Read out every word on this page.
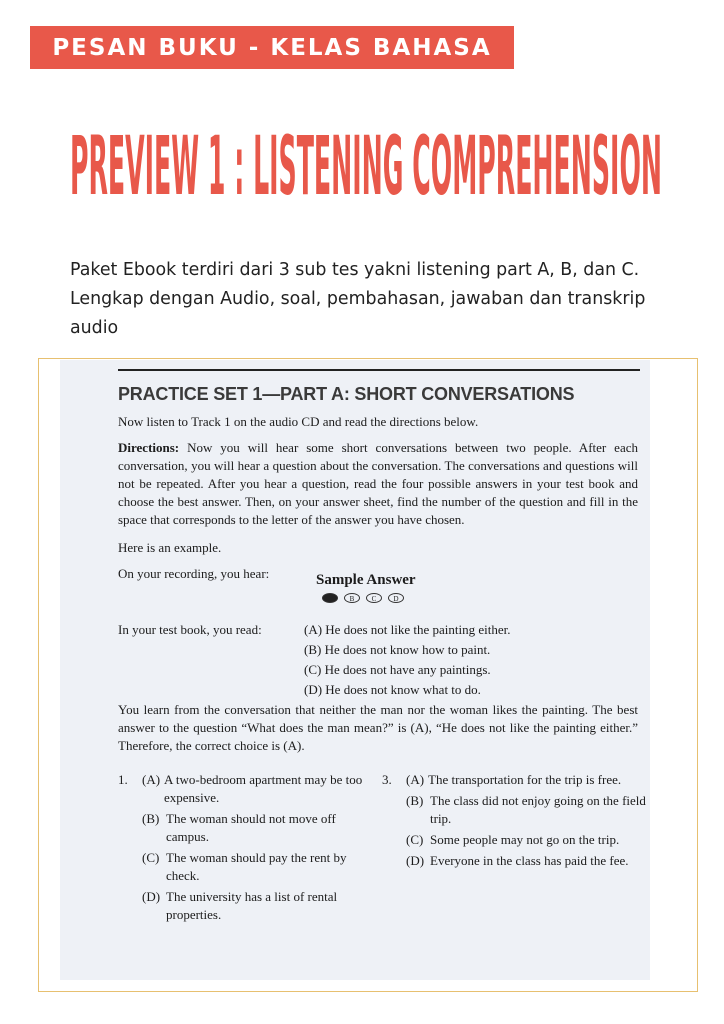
PESAN BUKU - KELAS BAHASA
PREVIEW 1 : LISTENING COMPREHENSION

Paket Ebook terdiri dari 3 sub tes yakni listening part A, B, dan C. Lengkap dengan Audio, soal, pembahasan, jawaban dan transkrip audio

PRACTICE SET 1—PART A: SHORT CONVERSATIONS

Now listen to Track 1 on the audio CD and read the directions below.

Directions: Now you will hear some short conversations between two people. After each conversation, you will hear a question about the conversation. The conversations and questions will not be repeated. After you hear a question, read the four possible answers in your test book and choose the best answer. Then, on your answer sheet, find the number of the question and fill in the space that corresponds to the letter of the answer you have chosen.

Here is an example.

On your recording, you hear:	Sample Answer
B	C	D
In your test book, you read:	(A) He does not like the painting either.
(B) He does not know how to paint.
(C) He does not have any paintings.
(D) He does not know what to do.

You learn from the conversation that neither the man nor the woman likes the painting. The best answer to the question “What does the man mean?” is (A), “He does not like the painting either.” Therefore, the correct choice is (A).

1.	(A) A two-bedroom apartment may be too expensive.
(B) The woman should not move off campus.
(C) The woman should pay the rent by check.
(D) The university has a list of rental properties.
3.	(A) The transportation for the trip is free.
(B) The class did not enjoy going on the field trip.
(C) Some people may not go on the trip.
(D) Everyone in the class has paid the fee.
